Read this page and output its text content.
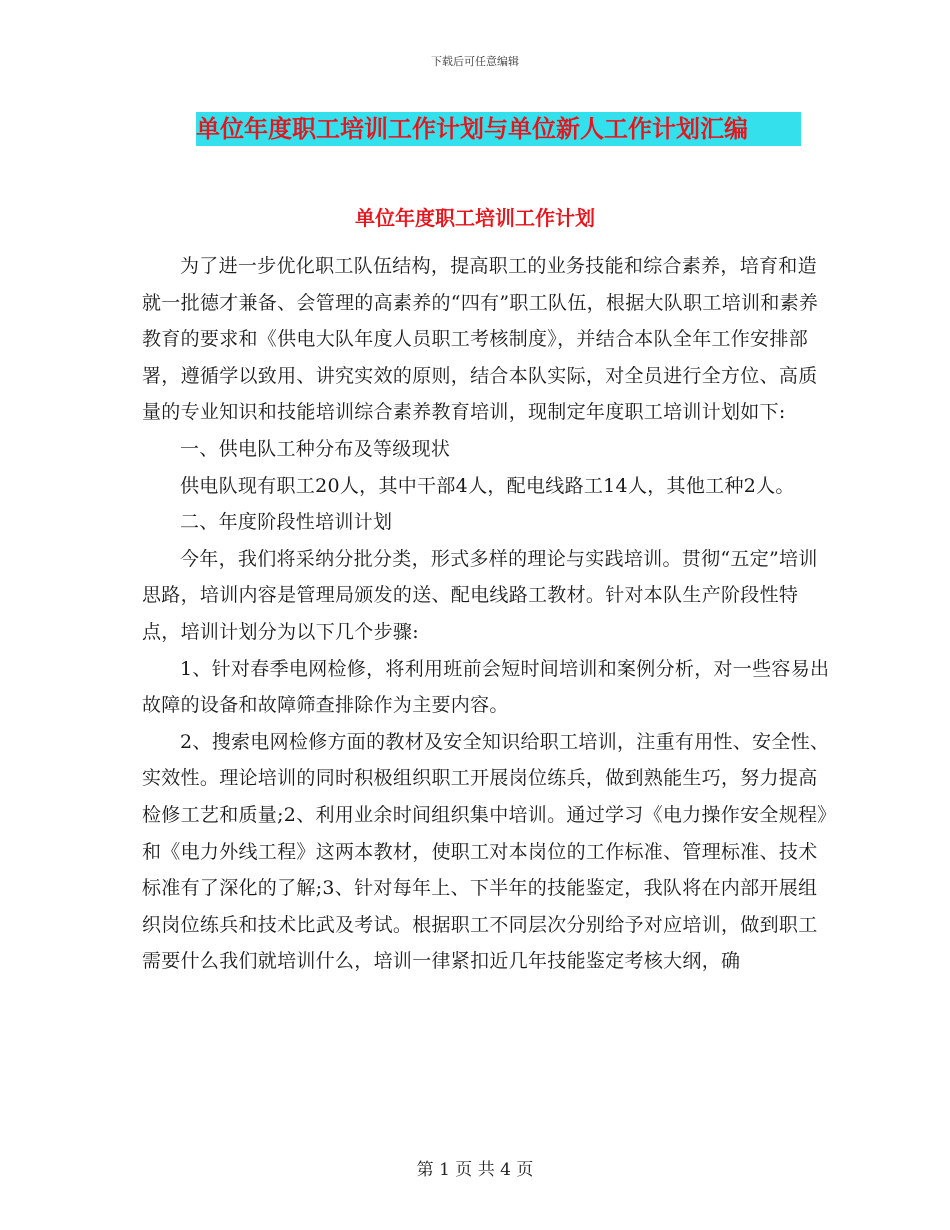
下载后可任意编辑
单位年度职工培训工作计划与单位新人工作计划汇编
单位年度职工培训工作计划

为了进一步优化职工队伍结构，提高职工的业务技能和综合素养，培育和造就一批德才兼备、会管理的高素养的“四有”职工队伍，根据大队职工培训和素养教育的要求和《供电大队年度人员职工考核制度》，并结合本队全年工作安排部署，遵循学以致用、讲究实效的原则，结合本队实际，对全员进行全方位、高质量的专业知识和技能培训综合素养教育培训，现制定年度职工培训计划如下:

一、供电队工种分布及等级现状

供电队现有职工20人，其中干部4人，配电线路工14人，其他工种2人。

二、年度阶段性培训计划

今年，我们将采纳分批分类，形式多样的理论与实践培训。贯彻“五定”培训思路，培训内容是管理局颁发的送、配电线路工教材。针对本队生产阶段性特点，培训计划分为以下几个步骤:

1、针对春季电网检修，将利用班前会短时间培训和案例分析，对一些容易出故障的设备和故障筛查排除作为主要内容。

2、搜索电网检修方面的教材及安全知识给职工培训，注重有用性、安全性、实效性。理论培训的同时积极组织职工开展岗位练兵，做到熟能生巧，努力提高检修工艺和质量;2、利用业余时间组织集中培训。通过学习《电力操作安全规程》和《电力外线工程》这两本教材，使职工对本岗位的工作标准、管理标准、技术标准有了深化的了解;3、针对每年上、下半年的技能鉴定，我队将在内部开展组织岗位练兵和技术比武及考试。根据职工不同层次分别给予对应培训，做到职工需要什么我们就培训什么，培训一律紧扣近几年技能鉴定考核大纲，确

第 1 页 共 4 页
